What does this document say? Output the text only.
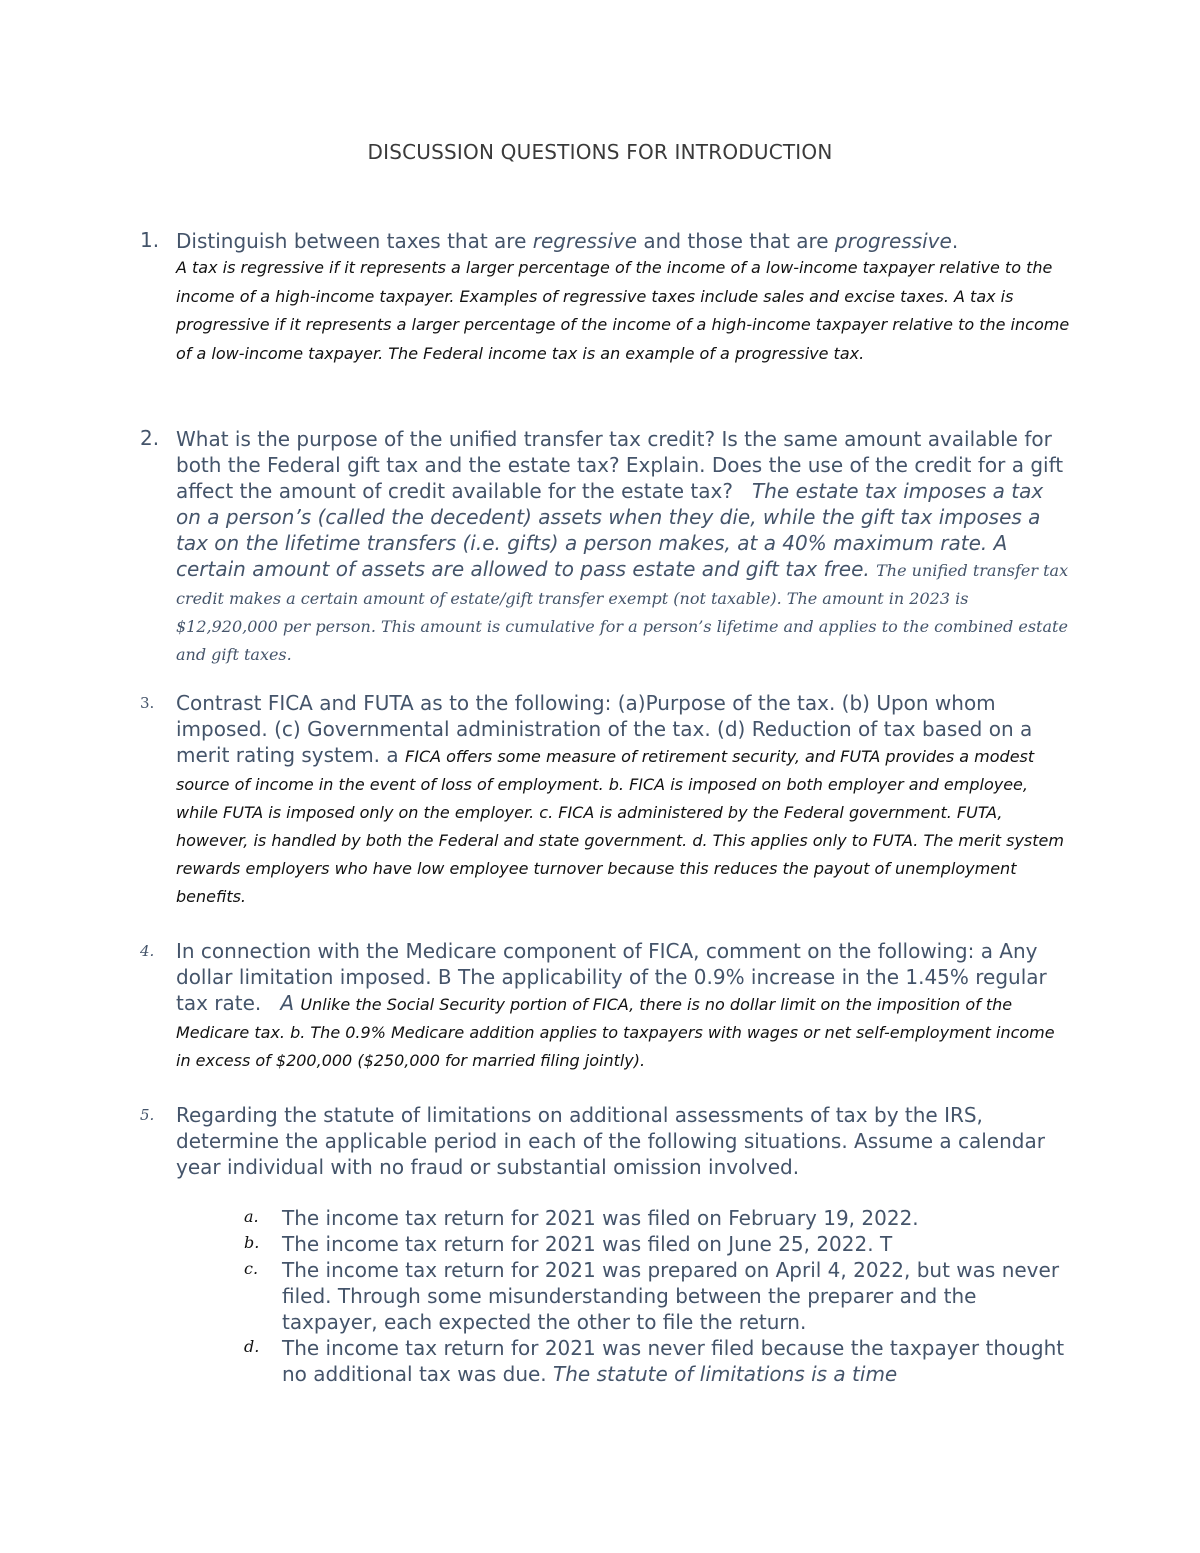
DISCUSSION QUESTIONS FOR INTRODUCTION
1. Distinguish between taxes that are regressive and those that are progressive.
A tax is regressive if it represents a larger percentage of the income of a low-income taxpayer relative to the income of a high-income taxpayer. Examples of regressive taxes include sales and excise taxes. A tax is progressive if it represents a larger percentage of the income of a high-income taxpayer relative to the income of a low-income taxpayer. The Federal income tax is an example of a progressive tax.
2. What is the purpose of the unified transfer tax credit? Is the same amount available for both the Federal gift tax and the estate tax? Explain. Does the use of the credit for a gift affect the amount of credit available for the estate tax? The estate tax imposes a tax on a person’s (called the decedent) assets when they die, while the gift tax imposes a tax on the lifetime transfers (i.e. gifts) a person makes, at a 40% maximum rate. A certain amount of assets are allowed to pass estate and gift tax free. The unified transfer tax credit makes a certain amount of estate/gift transfer exempt (not taxable). The amount in 2023 is $12,920,000 per person. This amount is cumulative for a person’s lifetime and applies to the combined estate and gift taxes.
3.	Contrast FICA and FUTA as to the following: (a)Purpose of the tax. (b) Upon whom imposed. (c) Governmental administration of the tax. (d) Reduction of tax based on a merit rating system. a FICA offers some measure of retirement security, and FUTA provides a modest source of income in the event of loss of employment. b. FICA is imposed on both employer and employee, while FUTA is imposed only on the employer. c. FICA is administered by the Federal government. FUTA, however, is handled by both the Federal and state government. d. This applies only to FUTA. The merit system rewards employers who have low employee turnover because this reduces the payout of unemployment benefits.
4.	In connection with the Medicare component of FICA, comment on the following: a Any dollar limitation imposed. B The applicability of the 0.9% increase in the 1.45% regular tax rate. A Unlike the Social Security portion of FICA, there is no dollar limit on the imposition of the Medicare tax. b. The 0.9% Medicare addition applies to taxpayers with wages or net self-employment income in excess of $200,000 ($250,000 for married filing jointly).
5.	Regarding the statute of limitations on additional assessments of tax by the IRS, determine the applicable period in each of the following situations. Assume a calendar year individual with no fraud or substantial omission involved.
a. The income tax return for 2021 was filed on February 19, 2022.
b. The income tax return for 2021 was filed on June 25, 2022. T
c. The income tax return for 2021 was prepared on April 4, 2022, but was never filed. Through some misunderstanding between the preparer and the taxpayer, each expected the other to file the return.
d. The income tax return for 2021 was never filed because the taxpayer thought no additional tax was due. The statute of limitations is a time
